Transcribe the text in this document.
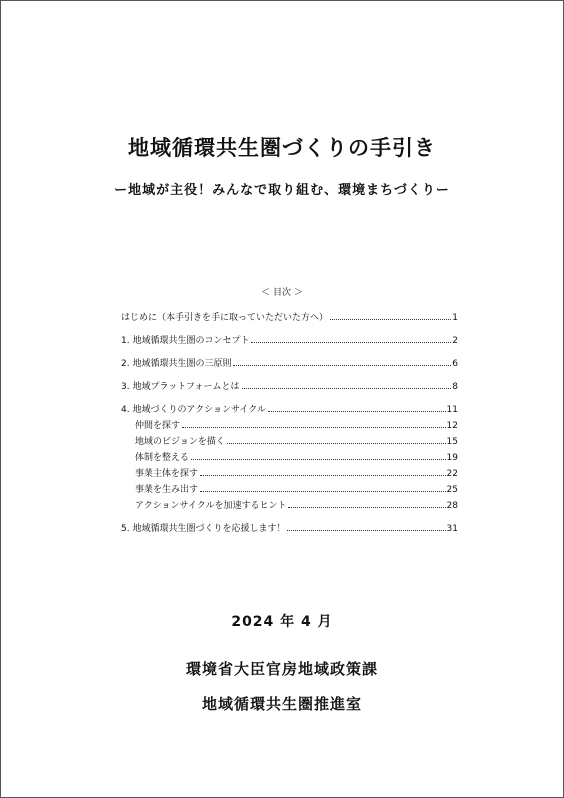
地域循環共生圏づくりの手引き
ー地域が主役！みんなで取り組む、環境まちづくりー
＜ 目次 ＞
はじめに（本手引きを手に取っていただいた方へ）	1
1. 地域循環共生圏のコンセプト	2
2. 地域循環共生圏の三原則	6
3. 地域プラットフォームとは	8
4. 地域づくりのアクションサイクル	11
仲間を探す	12
地域のビジョンを描く	15
体制を整える	19
事業主体を探す	22
事業を生み出す	25
アクションサイクルを加速するヒント	28
5. 地域循環共生圏づくりを応援します！	31
2024 年 4 月
環境省大臣官房地域政策課
地域循環共生圏推進室
